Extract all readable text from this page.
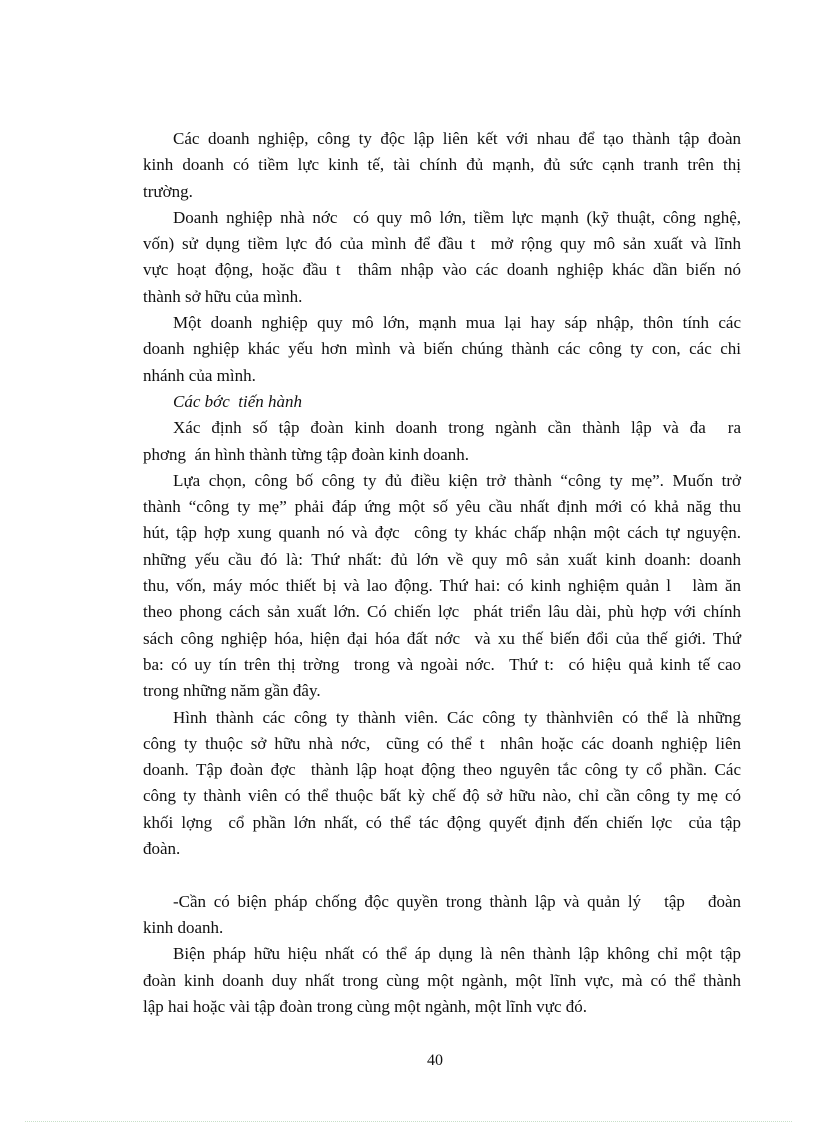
Các doanh nghiệp, công ty độc lập liên kết với nhau để tạo thành tập đoàn
kinh doanh có tiềm lực kinh tế, tài chính đủ mạnh, đủ sức cạnh tranh trên thị
trường.
Doanh nghiệp nhà nớc  có quy mô lớn, tiềm lực mạnh (kỹ thuật, công nghệ,
vốn) sử dụng tiềm lực đó của mình để đầu t  mở rộng quy mô sản xuất và lĩnh
vực hoạt động, hoặc đầu t  thâm nhập vào các doanh nghiệp khác dần biến nó
thành sở hữu của mình.
Một doanh nghiệp quy mô lớn, mạnh mua lại hay sáp nhập, thôn tính các
doanh nghiệp khác yếu hơn mình và biến chúng thành các công ty con, các chi
nhánh của mình.
Các bớc  tiến hành
Xác định số tập đoàn kinh doanh trong ngành cần thành lập và đa  ra
phơng  án hình thành từng tập đoàn kinh doanh.
Lựa chọn, công bố công ty đủ điều kiện trở thành “công ty mẹ”. Muốn trở
thành “công ty mẹ” phải đáp ứng một số yêu cầu nhất định mới có khả năg thu
hút, tập hợp xung quanh nó và đợc  công ty khác chấp nhận một cách tự nguyện.
những yếu cầu đó là: Thứ nhất: đủ lớn về quy mô sản xuất kinh doanh: doanh
thu, vốn, máy móc thiết bị và lao động. Thứ hai: có kinh nghiệm quản l   làm ăn
theo phong cách sản xuất lớn. Có chiến lợc  phát triển lâu dài, phù hợp với chính
sách công nghiệp hóa, hiện đại hóa đất nớc  và xu thế biến đổi của thế giới. Thứ
ba: có uy tín trên thị trờng  trong và ngoài nớc.  Thứ t:  có hiệu quả kinh tế cao
trong những năm gần đây.
Hình thành các công ty thành viên. Các công ty thànhviên có thể là những
công ty thuộc sở hữu nhà nớc,  cũng có thể t  nhân hoặc các doanh nghiệp liên
doanh. Tập đoàn đợc  thành lập hoạt động theo nguyên tắc công ty cổ phần. Các
công ty thành viên có thể thuộc bất kỳ chế độ sở hữu nào, chỉ cần công ty mẹ có
khối lợng  cổ phần lớn nhất, có thể tác động quyết định đến chiến lợc  của tập
đoàn.
-Cần có biện pháp chống độc quyền trong thành lập và quản lý   tập   đoàn
kinh doanh.
Biện pháp hữu hiệu nhất có thể áp dụng là nên thành lập không chỉ một tập
đoàn kinh doanh duy nhất trong cùng một ngành, một lĩnh vực, mà có thể thành
lập hai hoặc vài tập đoàn trong cùng một ngành, một lĩnh vực đó.
40
